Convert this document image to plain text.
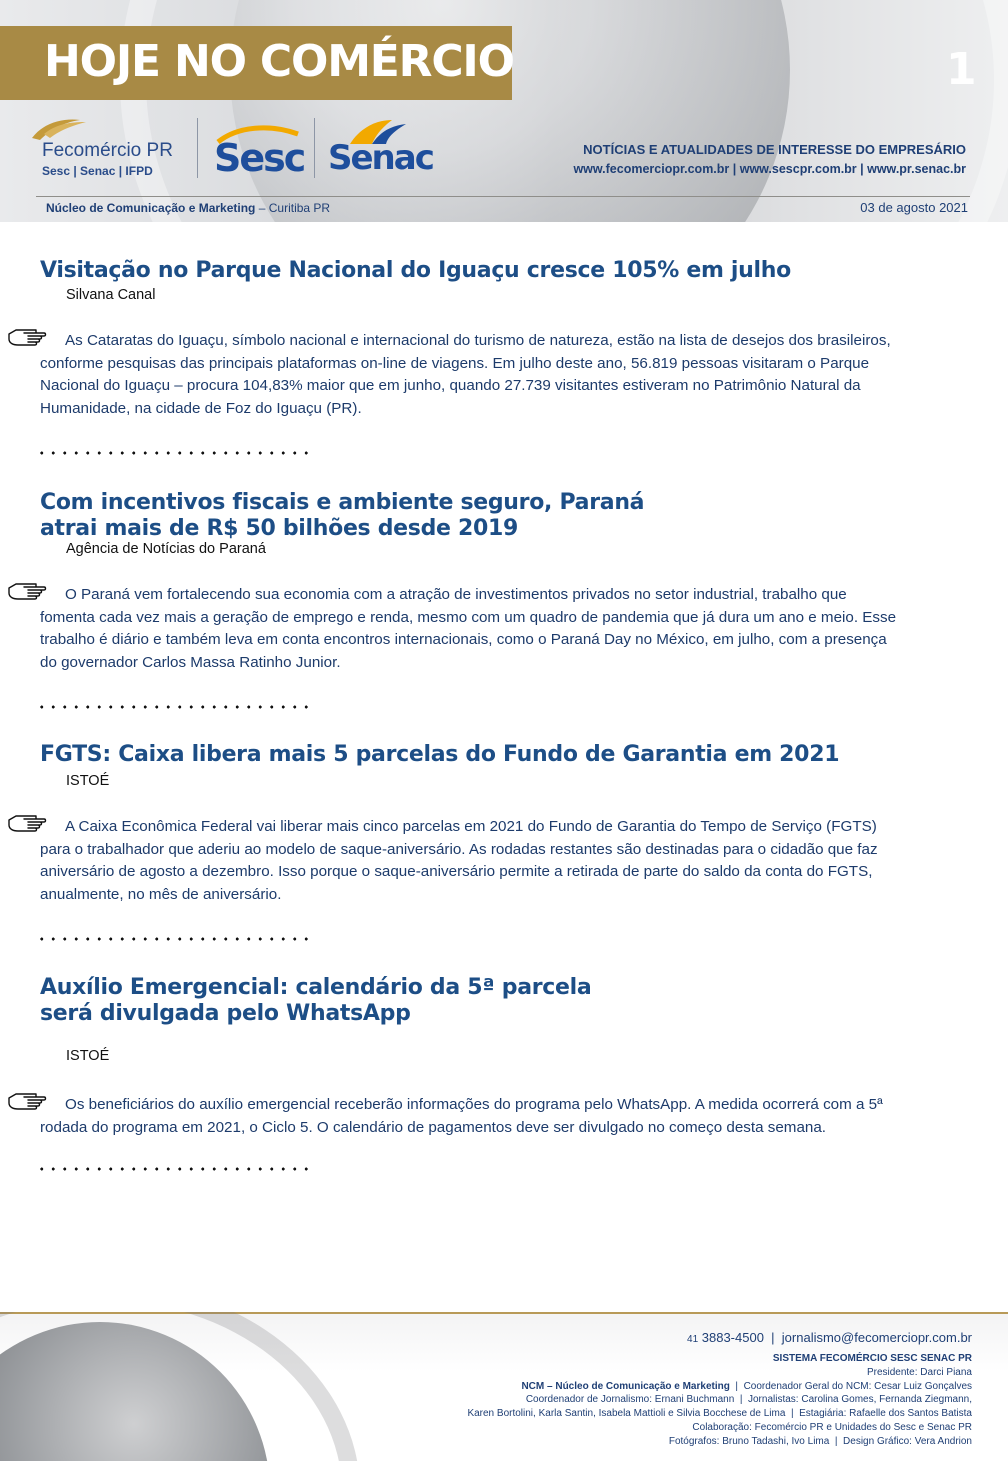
HOJE NO COMÉRCIO	1
Fecomércio PR
Sesc | Senac | IFPD Sesc Senac	NOTÍCIAS E ATUALIDADES DE INTERESSE DO EMPRESÁRIO
www.fecomerciopr.com.br | www.sescpr.com.br | www.pr.senac.br
Núcleo de Comunicação e Marketing – Curitiba PR	03 de agosto 2021
Visitação no Parque Nacional do Iguaçu cresce 105% em julho
Silvana Canal
As Cataratas do Iguaçu, símbolo nacional e internacional do turismo de natureza, estão na lista de desejos dos brasileiros, conforme pesquisas das principais plataformas on-line de viagens. Em julho deste ano, 56.819 pessoas visitaram o Parque Nacional do Iguaçu – procura 104,83% maior que em junho, quando 27.739 visitantes estiveram no Patrimônio Natural da Humanidade, na cidade de Foz do Iguaçu (PR).
Com incentivos fiscais e ambiente seguro, Paraná
atrai mais de R$ 50 bilhões desde 2019
Agência de Notícias do Paraná
O Paraná vem fortalecendo sua economia com a atração de investimentos privados no setor industrial, trabalho que fomenta cada vez mais a geração de emprego e renda, mesmo com um quadro de pandemia que já dura um ano e meio. Esse trabalho é diário e também leva em conta encontros internacionais, como o Paraná Day no México, em julho, com a presença do governador Carlos Massa Ratinho Junior.
FGTS: Caixa libera mais 5 parcelas do Fundo de Garantia em 2021
ISTOÉ
A Caixa Econômica Federal vai liberar mais cinco parcelas em 2021 do Fundo de Garantia do Tempo de Serviço (FGTS) para o trabalhador que aderiu ao modelo de saque-aniversário. As rodadas restantes são destinadas para o cidadão que faz aniversário de agosto a dezembro. Isso porque o saque-aniversário permite a retirada de parte do saldo da conta do FGTS, anualmente, no mês de aniversário.
Auxílio Emergencial: calendário da 5ª parcela
será divulgada pelo WhatsApp
ISTOÉ
Os beneficiários do auxílio emergencial receberão informações do programa pelo WhatsApp. A medida ocorrerá com a 5ª rodada do programa em 2021, o Ciclo 5. O calendário de pagamentos deve ser divulgado no começo desta semana.
41 3883-4500  |  jornalismo@fecomerciopr.com.br
SISTEMA FECOMÉRCIO SESC SENAC PR
Presidente: Darci Piana
NCM – Núcleo de Comunicação e Marketing  |  Coordenador Geral do NCM: Cesar Luiz Gonçalves
Coordenador de Jornalismo: Ernani Buchmann  |  Jornalistas: Carolina Gomes, Fernanda Ziegmann,
Karen Bortolini, Karla Santin, Isabela Mattioli e Silvia Bocchese de Lima  |  Estagiária: Rafaelle dos Santos Batista
Colaboração: Fecomércio PR e Unidades do Sesc e Senac PR
Fotógrafos: Bruno Tadashi, Ivo Lima  |  Design Gráfico: Vera Andrion
